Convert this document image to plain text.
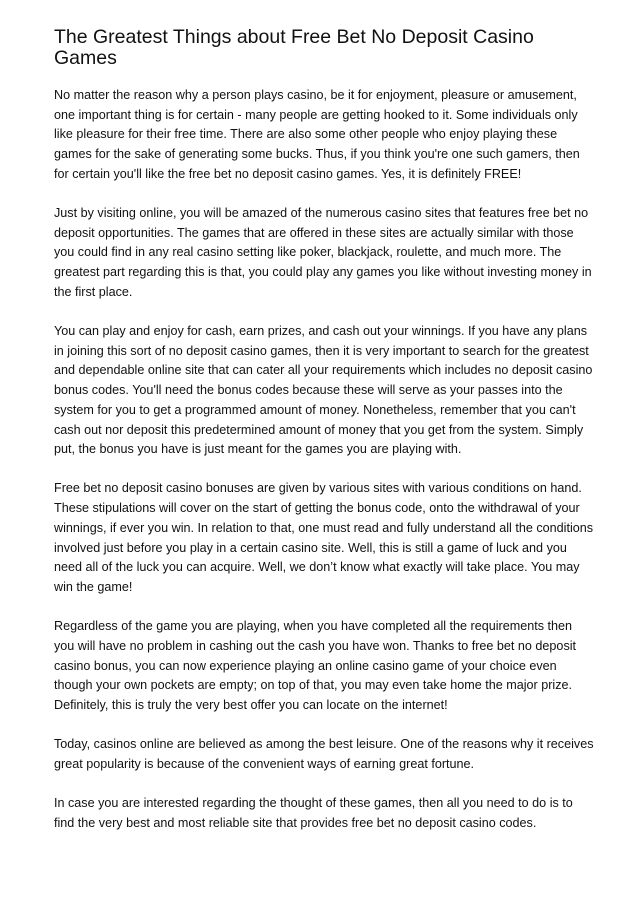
The Greatest Things about Free Bet No Deposit Casino Games

No matter the reason why a person plays casino, be it for enjoyment, pleasure or amusement, one important thing is for certain - many people are getting hooked to it. Some individuals only like pleasure for their free time. There are also some other people who enjoy playing these games for the sake of generating some bucks. Thus, if you think you're one such gamers, then for certain you'll like the free bet no deposit casino games. Yes, it is definitely FREE!

Just by visiting online, you will be amazed of the numerous casino sites that features free bet no deposit opportunities. The games that are offered in these sites are actually similar with those you could find in any real casino setting like poker, blackjack, roulette, and much more. The greatest part regarding this is that, you could play any games you like without investing money in the first place.

You can play and enjoy for cash, earn prizes, and cash out your winnings. If you have any plans in joining this sort of no deposit casino games, then it is very important to search for the greatest and dependable online site that can cater all your requirements which includes no deposit casino bonus codes. You'll need the bonus codes because these will serve as your passes into the system for you to get a programmed amount of money. Nonetheless, remember that you can't cash out nor deposit this predetermined amount of money that you get from the system. Simply put, the bonus you have is just meant for the games you are playing with.

Free bet no deposit casino bonuses are given by various sites with various conditions on hand. These stipulations will cover on the start of getting the bonus code, onto the withdrawal of your winnings, if ever you win. In relation to that, one must read and fully understand all the conditions involved just before you play in a certain casino site. Well, this is still a game of luck and you need all of the luck you can acquire. Well, we don’t know what exactly will take place. You may win the game!

Regardless of the game you are playing, when you have completed all the requirements then you will have no problem in cashing out the cash you have won. Thanks to free bet no deposit casino bonus, you can now experience playing an online casino game of your choice even though your own pockets are empty; on top of that, you may even take home the major prize. Definitely, this is truly the very best offer you can locate on the internet!

Today, casinos online are believed as among the best leisure. One of the reasons why it receives great popularity is because of the convenient ways of earning great fortune.

In case you are interested regarding the thought of these games, then all you need to do is to find the very best and most reliable site that provides free bet no deposit casino codes.
